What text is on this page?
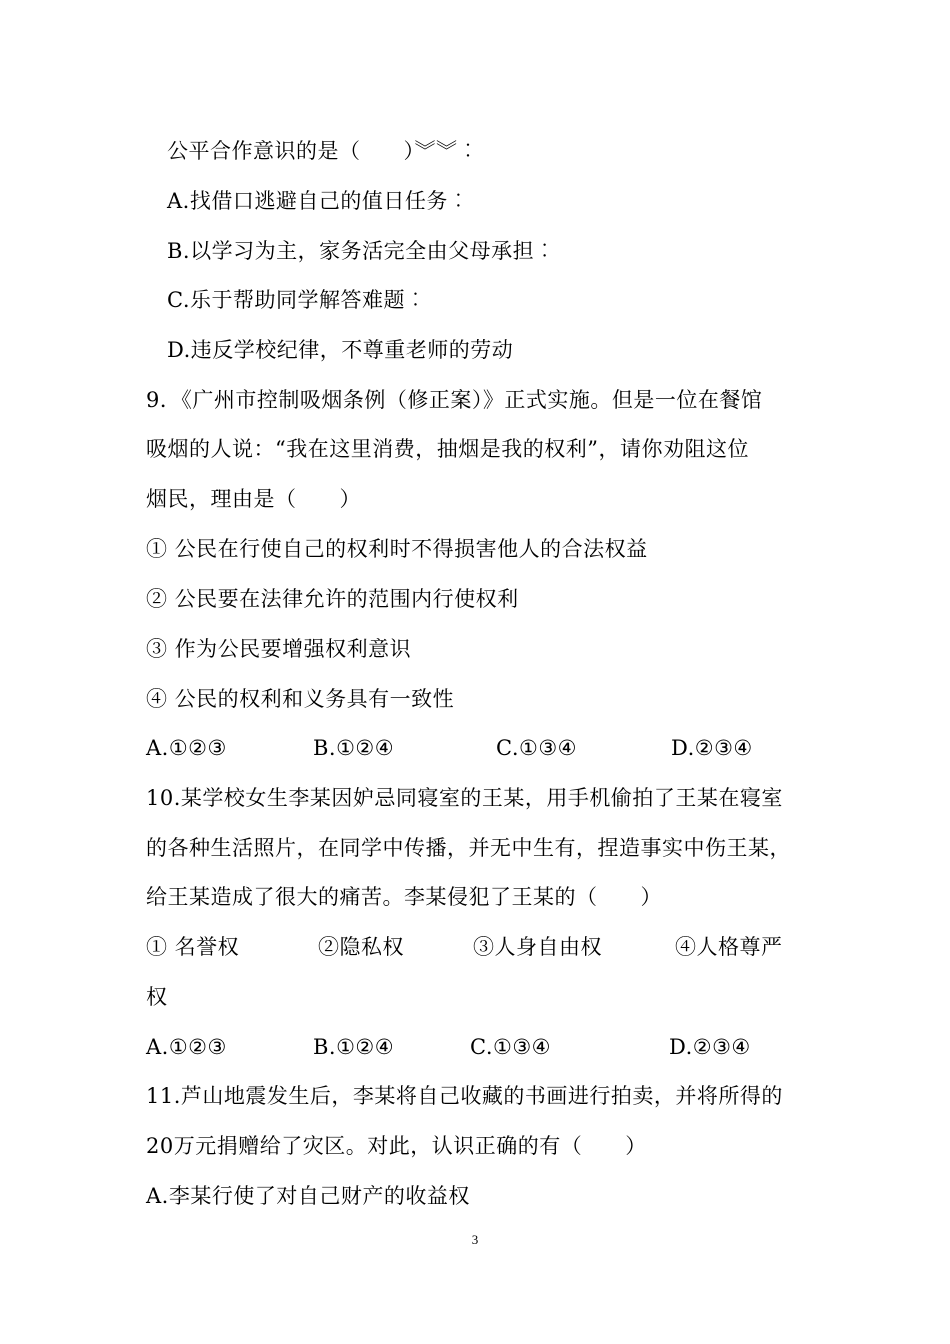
公平合作意识的是（　　）︾︾︰
A.找借口逃避自己的值日任务︰
B.以学习为主，家务活完全由父母承担︰
C.乐于帮助同学解答难题︰
D.违反学校纪律，不尊重老师的劳动
9．《广州市控制吸烟条例（修正案）》正式实施。但是一位在餐馆
吸烟的人说：“我在这里消费，抽烟是我的权利”，请你劝阻这位
烟民，理由是（　　）
① 公民在行使自己的权利时不得损害他人的合法权益
② 公民要在法律允许的范围内行使权利
③ 作为公民要增强权利意识
④ 公民的权利和义务具有一致性
A.①②③	B.①②④	C.①③④	D.②③④
10.某学校女生李某因妒忌同寝室的王某，用手机偷拍了王某在寝室
的各种生活照片，在同学中传播，并无中生有，捏造事实中伤王某，
给王某造成了很大的痛苦。李某侵犯了王某的（　　）
① 名誉权	②隐私权	③人身自由权	④人格尊严
权
A.①②③	B.①②④	C.①③④	D.②③④
11.芦山地震发生后，李某将自己收藏的书画进行拍卖，并将所得的
20万元捐赠给了灾区。对此，认识正确的有（　　）
A.李某行使了对自己财产的收益权
3
